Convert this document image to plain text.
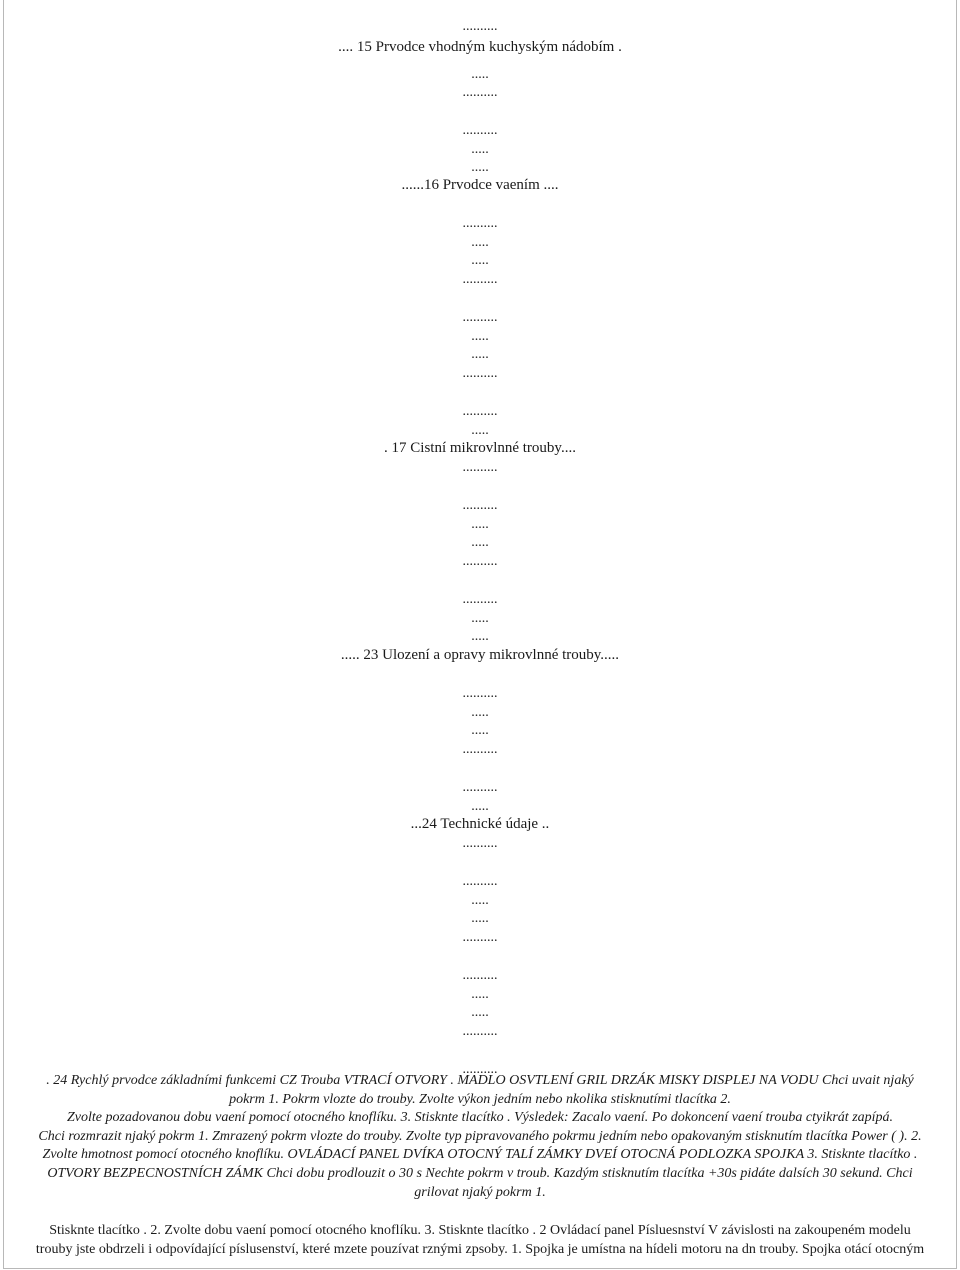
..........
.... 15 Prvodce vhodným kuchyským nádobím .
.....
..........
..........
.....
.....
......16 Prvodce vaením ....
..........
.....
.....
..........
..........
.....
.....
..........
..........
.....
. 17 Cistní mikrovlnné trouby....
..........
..........
.....
.....
..........
..........
.....
.....
..... 23 Ulození a opravy mikrovlnné trouby.....
..........
.....
.....
..........
..........
.....
...24 Technické údaje ..
..........
..........
.....
.....
..........
..........
.....
.....
..........
..........
. 24 Rychlý prvodce základními funkcemi CZ Trouba VTRACÍ OTVORY . MADLO OSVTLENÍ GRIL DRZÁK MISKY DISPLEJ NA VODU Chci uvait njaký
pokrm 1. Pokrm vlozte do trouby. Zvolte výkon jedním nebo nkolika stisknutími tlacítka 2.
Zvolte pozadovanou dobu vaení pomocí otocného knoflíku. 3. Stisknte tlacítko . Výsledek: Zacalo vaení. Po dokoncení vaení trouba ctyikrát zapípá.
Chci rozmrazit njaký pokrm 1. Zmrazený pokrm vlozte do trouby. Zvolte typ pipravovaného pokrmu jedním nebo opakovaným stisknutím tlacítka Power ( ). 2.
Zvolte hmotnost pomocí otocného knoflíku. OVLÁDACÍ PANEL DVÍKA OTOCNÝ TALÍ ZÁMKY DVEÍ OTOCNÁ PODLOZKA SPOJKA 3. Stisknte tlacítko .
OTVORY BEZPECNOSTNÍCH ZÁMK Chci dobu prodlouzit o 30 s Nechte pokrm v troub. Kazdým stisknutím tlacítka +30s pidáte dalsích 30 sekund. Chci
grilovat njaký pokrm 1.
Stisknte tlacítko . 2. Zvolte dobu vaení pomocí otocného knoflíku. 3. Stisknte tlacítko . 2 Ovládací panel Písluesnství V závislosti na zakoupeném modelu
trouby jste obdrzeli i odpovídající píslusenství, které mzete pouzívat rznými zpsoby. 1. Spojka je umístna na hídeli motoru na dn trouby. Spojka otácí otocným
